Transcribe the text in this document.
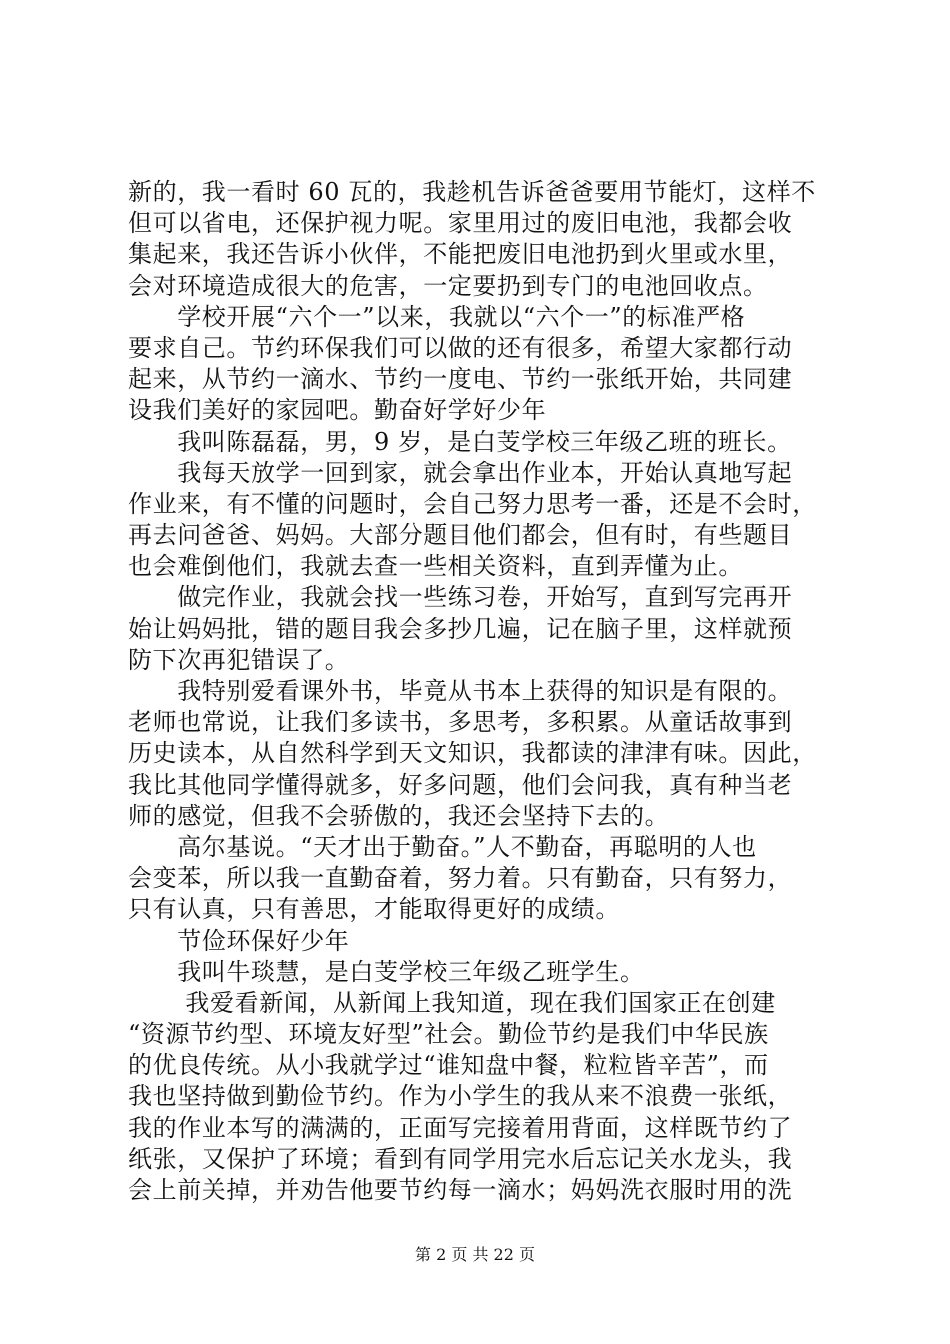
新的，我一看时 60 瓦的，我趁机告诉爸爸要用节能灯，这样不
但可以省电，还保护视力呢。家里用过的废旧电池，我都会收
集起来，我还告诉小伙伴，不能把废旧电池扔到火里或水里，
会对环境造成很大的危害，一定要扔到专门的电池回收点。
　　学校开展“六个一”以来，我就以“六个一”的标准严格
要求自己。节约环保我们可以做的还有很多，希望大家都行动
起来，从节约一滴水、节约一度电、节约一张纸开始，共同建
设我们美好的家园吧。勤奋好学好少年
　　我叫陈磊磊，男，9 岁，是白芰学校三年级乙班的班长。
　　我每天放学一回到家，就会拿出作业本，开始认真地写起
作业来，有不懂的问题时，会自己努力思考一番，还是不会时，
再去问爸爸、妈妈。大部分题目他们都会，但有时，有些题目
也会难倒他们，我就去查一些相关资料，直到弄懂为止。
　　做完作业，我就会找一些练习卷，开始写，直到写完再开
始让妈妈批，错的题目我会多抄几遍，记在脑子里，这样就预
防下次再犯错误了。
　　我特别爱看课外书，毕竟从书本上获得的知识是有限的。
老师也常说，让我们多读书，多思考，多积累。从童话故事到
历史读本，从自然科学到天文知识，我都读的津津有味。因此，
我比其他同学懂得就多，好多问题，他们会问我，真有种当老
师的感觉，但我不会骄傲的，我还会坚持下去的。
　　高尔基说。“天才出于勤奋。”人不勤奋，再聪明的人也
会变苯，所以我一直勤奋着，努力着。只有勤奋，只有努力，
只有认真，只有善思，才能取得更好的成绩。
　　节俭环保好少年
　　我叫牛琰慧，是白芰学校三年级乙班学生。
　　 我爱看新闻，从新闻上我知道，现在我们国家正在创建
“资源节约型、环境友好型”社会。勤俭节约是我们中华民族
的优良传统。从小我就学过“谁知盘中餐，粒粒皆辛苦”，而
我也坚持做到勤俭节约。作为小学生的我从来不浪费一张纸，
我的作业本写的满满的，正面写完接着用背面，这样既节约了
纸张，又保护了环境；看到有同学用完水后忘记关水龙头，我
会上前关掉，并劝告他要节约每一滴水；妈妈洗衣服时用的洗
第 2 页 共 22 页
